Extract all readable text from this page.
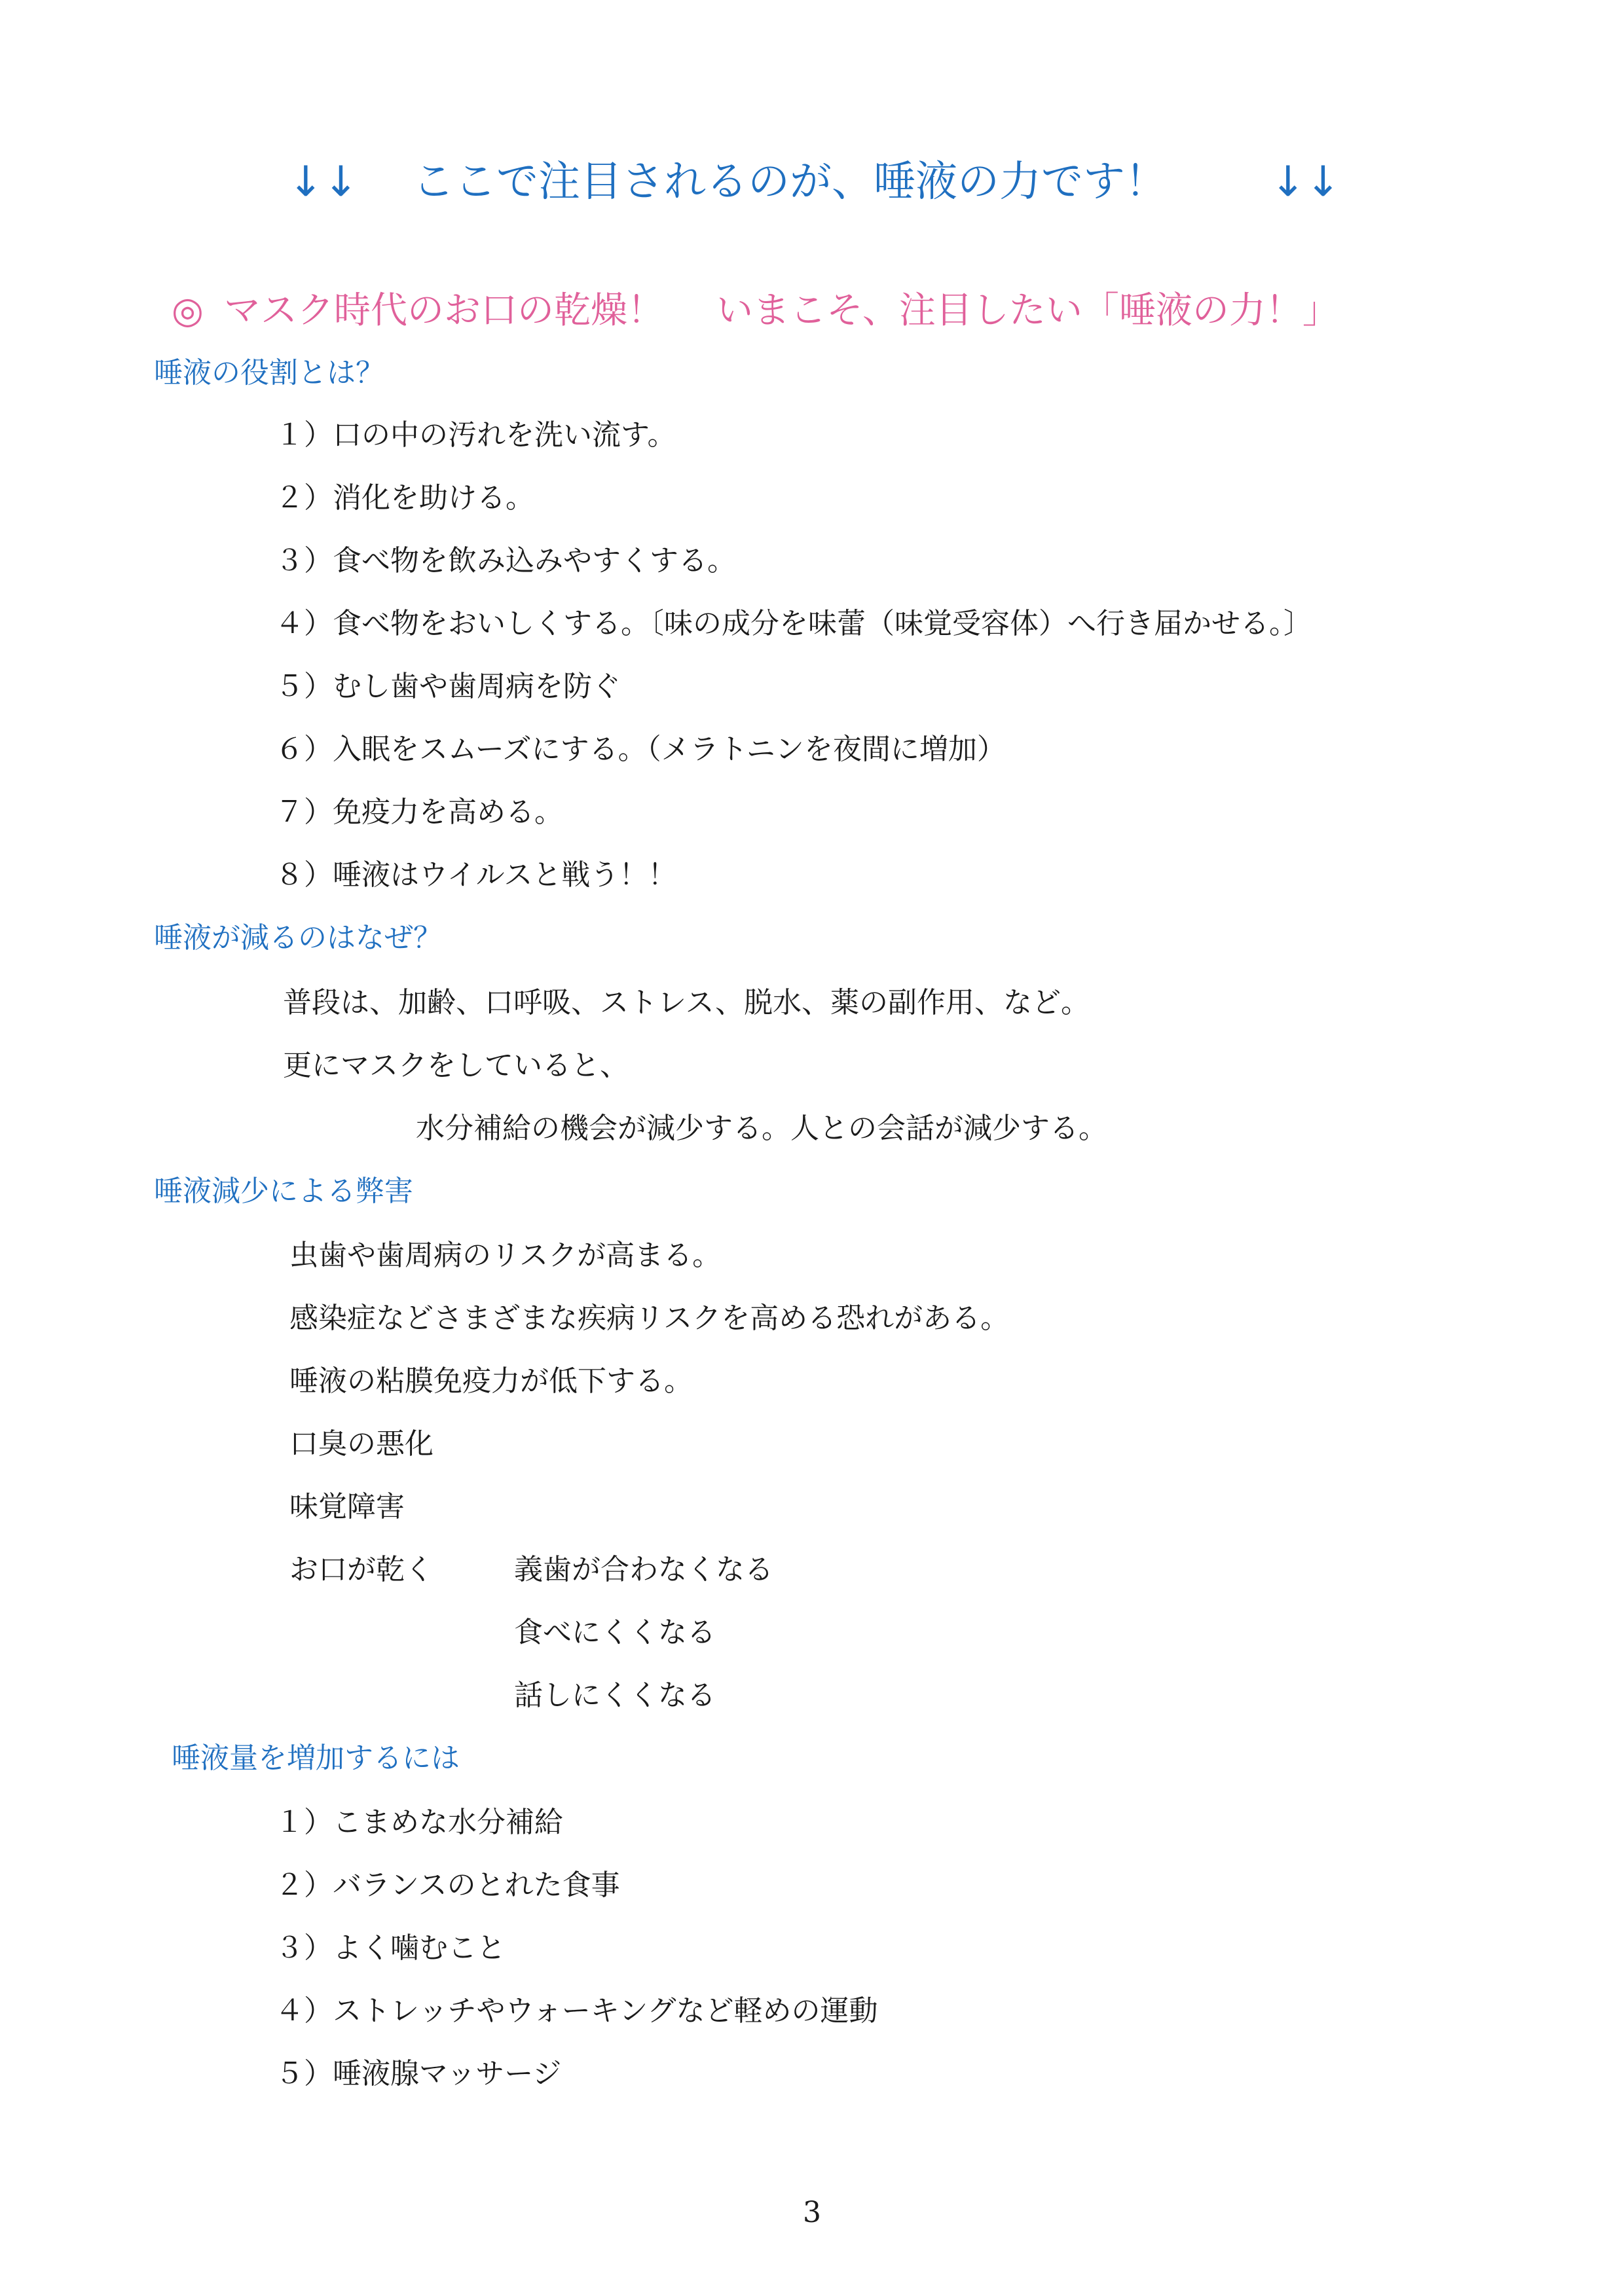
↓↓ ここで注目されるのが、唾液の力です！ ↓↓
◎ マスク時代のお口の乾燥！ いまこそ、注目したい「唾液の力！」
唾液の役割とは？
１）口の中の汚れを洗い流す。
２）消化を助ける。
３）食べ物を飲み込みやすくする。
４）食べ物をおいしくする。〔味の成分を味蕾（味覚受容体）へ行き届かせる。〕
５）むし歯や歯周病を防ぐ
６）入眠をスムーズにする。（メラトニンを夜間に増加）
７）免疫力を高める。
８）唾液はウイルスと戦う！！
唾液が減るのはなぜ？
普段は、加齢、口呼吸、ストレス、脱水、薬の副作用、など。
更にマスクをしていると、
水分補給の機会が減少する。人との会話が減少する。
唾液減少による弊害
虫歯や歯周病のリスクが高まる。
感染症などさまざまな疾病リスクを高める恐れがある。
唾液の粘膜免疫力が低下する。
口臭の悪化
味覚障害
お口が乾く	義歯が合わなくなる
食べにくくなる
話しにくくなる
唾液量を増加するには
１）こまめな水分補給
２）バランスのとれた食事
３）よく噛むこと
４）ストレッチやウォーキングなど軽めの運動
５）唾液腺マッサージ
3
